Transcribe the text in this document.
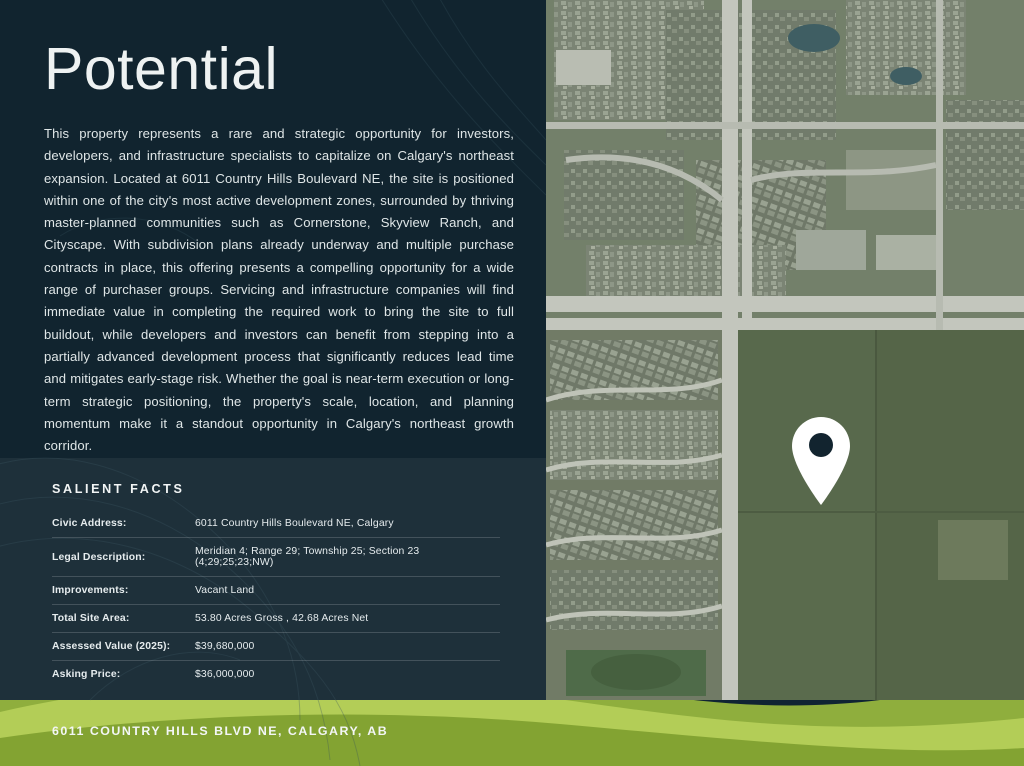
Potential

This property represents a rare and strategic opportunity for investors, developers, and infrastructure specialists to capitalize on Calgary's northeast expansion. Located at 6011 Country Hills Boulevard NE, the site is positioned within one of the city's most active development zones, surrounded by thriving master-planned communities such as Cornerstone, Skyview Ranch, and Cityscape. With subdivision plans already underway and multiple purchase contracts in place, this offering presents a compelling opportunity for a wide range of purchaser groups. Servicing and infrastructure companies will find immediate value in completing the required work to bring the site to full buildout, while developers and investors can benefit from stepping into a partially advanced development process that significantly reduces lead time and mitigates early-stage risk. Whether the goal is near-term execution or long-term strategic positioning, the property's scale, location, and planning momentum make it a standout opportunity in Calgary's northeast growth corridor.

SALIENT FACTS
Civic Address:	6011 Country Hills Boulevard NE, Calgary
Legal Description:	Meridian 4; Range 29; Township 25; Section 23 (4;29;25;23;NW)
Improvements:	Vacant Land
Total Site Area:	53.80 Acres Gross , 42.68 Acres Net
Assessed Value (2025):	$39,680,000
Asking Price:	$36,000,000
6011 COUNTRY HILLS BLVD NE, CALGARY, AB
